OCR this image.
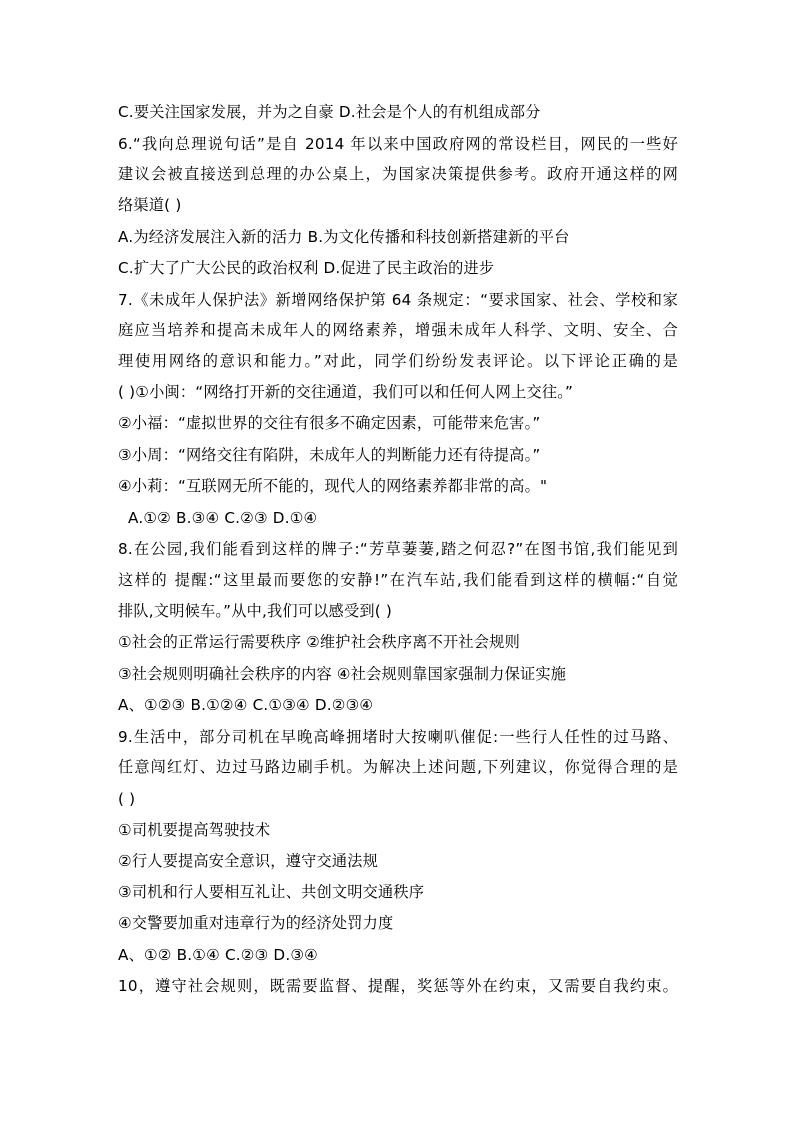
C.要关注国家发展，并为之自豪 D.社会是个人的有机组成部分
6.“我向总理说句话”是自 2014 年以来中国政府网的常设栏目，网民的一些好
建议会被直接送到总理的办公桌上，为国家决策提供参考。政府开通这样的网
络渠道( )
A.为经济发展注入新的活力 B.为文化传播和科技创新搭建新的平台
C.扩大了广大公民的政治权利 D.促进了民主政治的进步
7.《未成年人保护法》新增网络保护第 64 条规定：“要求国家、社会、学校和家
庭应当培养和提高未成年人的网络素养，增强未成年人科学、文明、安全、合
理使用网络的意识和能力。”对此，同学们纷纷发表评论。以下评论正确的是
( )①小闽：“网络打开新的交往通道，我们可以和任何人网上交往。”
②小福：“虚拟世界的交往有很多不确定因素，可能带来危害。”
③小周：“网络交往有陷阱，未成年人的判断能力还有待提高。”
④小莉：“互联网无所不能的，现代人的网络素养都非常的高。"
A.①② B.③④ C.②③ D.①④
8.在公园,我们能看到这样的牌子:“芳草萋萋,踏之何忍?”在图书馆,我们能见到
这样的 提醒:“这里最而要您的安静!”在汽车站,我们能看到这样的横幅:“自觉
排队,文明候车。”从中,我们可以感受到( )
①社会的正常运行需要秩序 ②维护社会秩序离不开社会规则
③社会规则明确社会秩序的内容 ④社会规则靠国家强制力保证实施
A、①②③ B.①②④ C.①③④ D.②③④
9.生活中，部分司机在早晚高峰拥堵时大按喇叭催促:一些行人任性的过马路、
任意闯红灯、边过马路边刷手机。为解决上述问题,下列建议，你觉得合理的是
( )
①司机要提高驾驶技术
②行人要提高安全意识，遵守交通法规
③司机和行人要相互礼让、共创文明交通秩序
④交警要加重对违章行为的经济处罚力度
A、①② B.①④ C.②③ D.③④
10，遵守社会规则，既需要监督、提醒，奖惩等外在约束，又需要自我约束。
